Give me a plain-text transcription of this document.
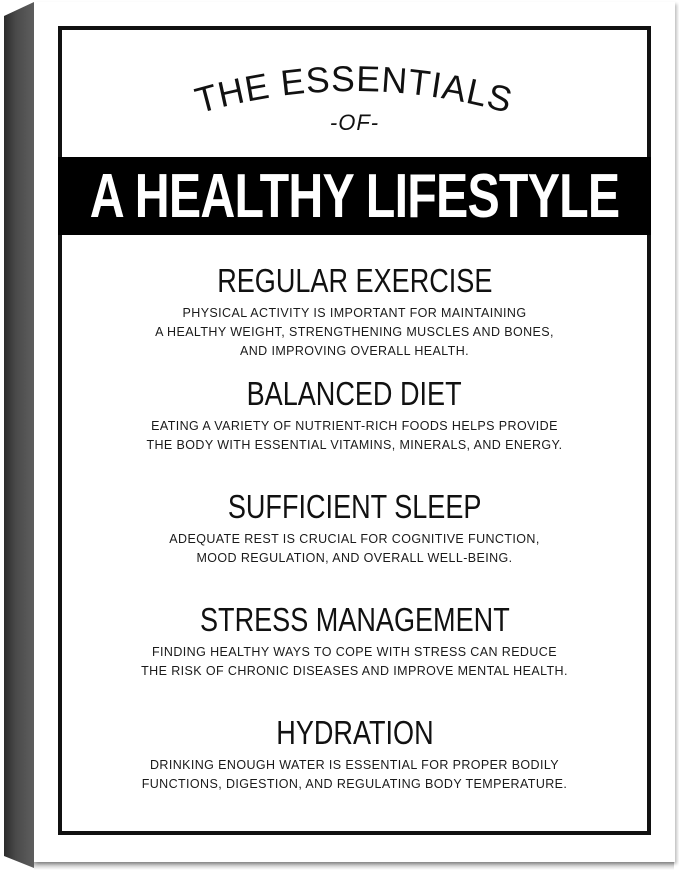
THE ESSENTIALS
-OF-
A HEALTHY LIFESTYLE
REGULAR EXERCISE

PHYSICAL ACTIVITY IS IMPORTANT FOR MAINTAINING
A HEALTHY WEIGHT, STRENGTHENING MUSCLES AND BONES,
AND IMPROVING OVERALL HEALTH.

BALANCED DIET

EATING A VARIETY OF NUTRIENT-RICH FOODS HELPS PROVIDE
THE BODY WITH ESSENTIAL VITAMINS, MINERALS, AND ENERGY.

SUFFICIENT SLEEP

ADEQUATE REST IS CRUCIAL FOR COGNITIVE FUNCTION,
MOOD REGULATION, AND OVERALL WELL-BEING.

STRESS MANAGEMENT

FINDING HEALTHY WAYS TO COPE WITH STRESS CAN REDUCE
THE RISK OF CHRONIC DISEASES AND IMPROVE MENTAL HEALTH.

HYDRATION

DRINKING ENOUGH WATER IS ESSENTIAL FOR PROPER BODILY
FUNCTIONS, DIGESTION, AND REGULATING BODY TEMPERATURE.
